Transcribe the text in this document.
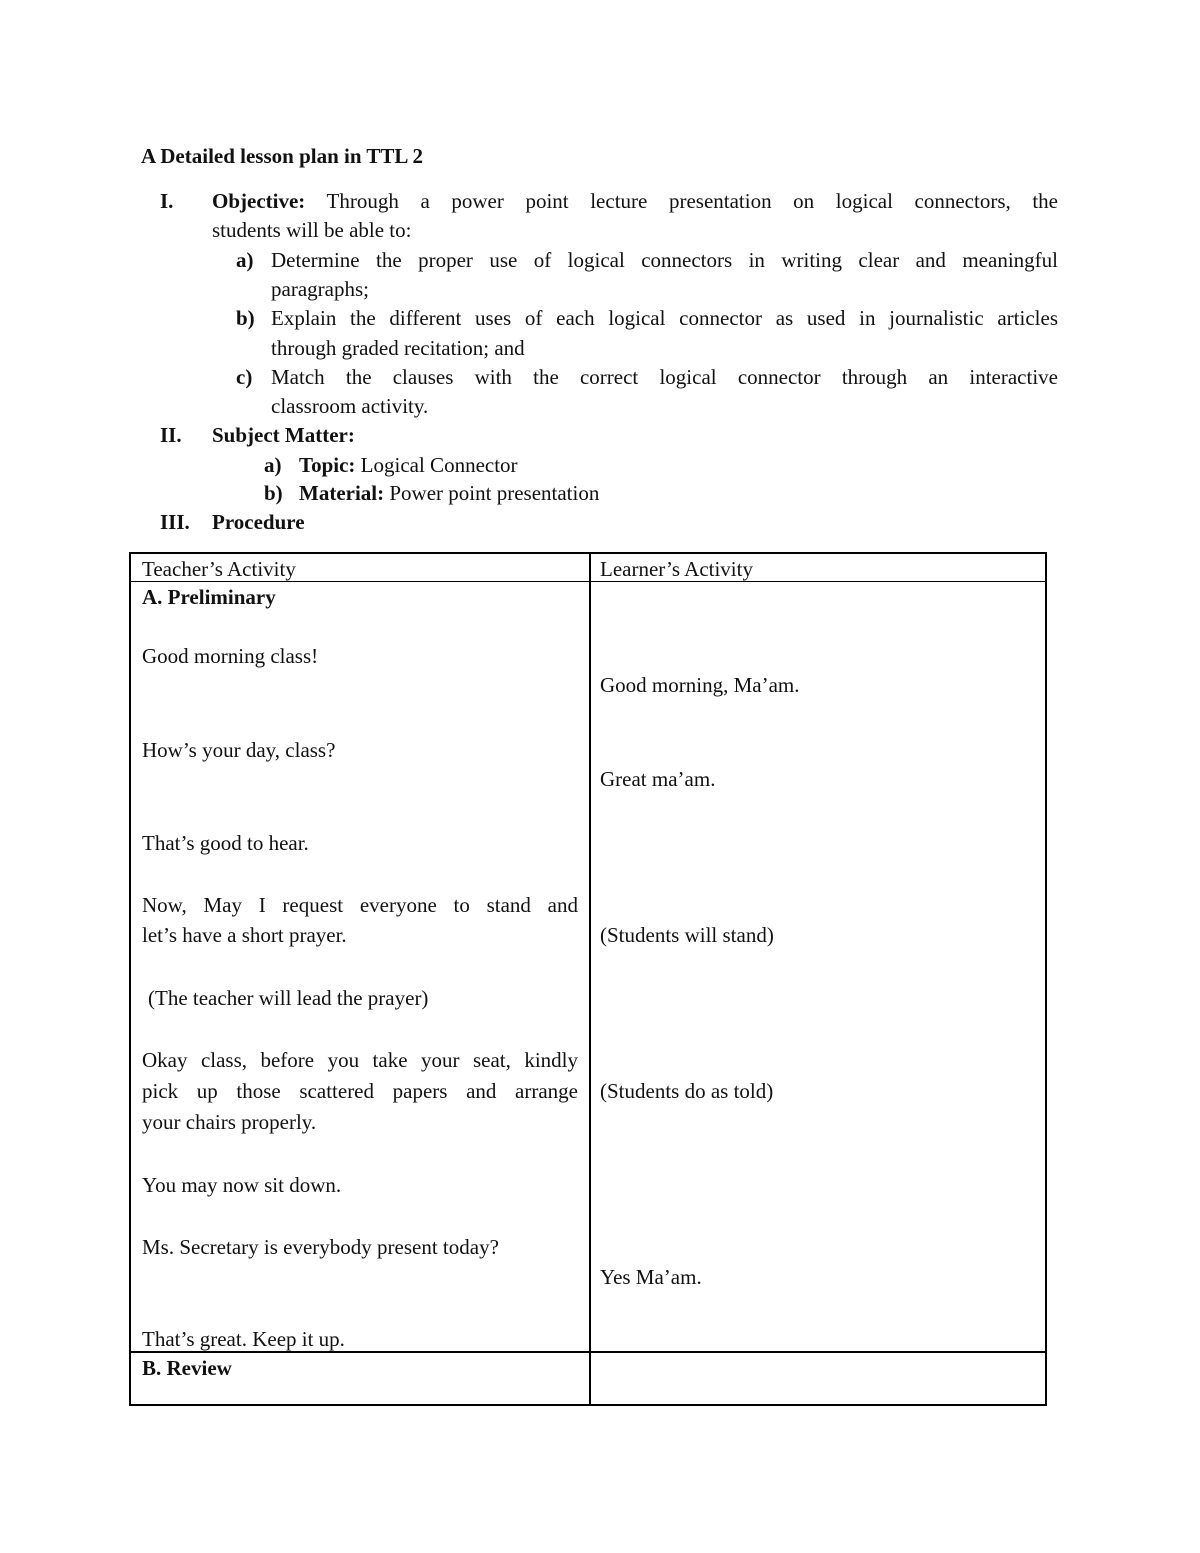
A Detailed lesson plan in TTL 2
I. Objective: Through a power point lecture presentation on logical connectors, the
students will be able to:
a) Determine the proper use of logical connectors in writing clear and meaningful
paragraphs;
b) Explain the different uses of each logical connector as used in journalistic articles
through graded recitation; and
c) Match the clauses with the correct logical connector through an interactive
classroom activity.
II. Subject Matter:
a) Topic: Logical Connector
b) Material: Power point presentation
III. Procedure
Teacher’s Activity	Learner’s Activity
A. Preliminary
Good morning class!
Good morning, Ma’am.
How’s your day, class?
Great ma’am.
That’s good to hear.
Now, May I request everyone to stand and
let’s have a short prayer.	(Students will stand)
(The teacher will lead the prayer)
Okay class, before you take your seat, kindly
pick up those scattered papers and arrange
your chairs properly.
(Students do as told)
You may now sit down.
Ms. Secretary is everybody present today?
Yes Ma’am.
That’s great. Keep it up.
B. Review
